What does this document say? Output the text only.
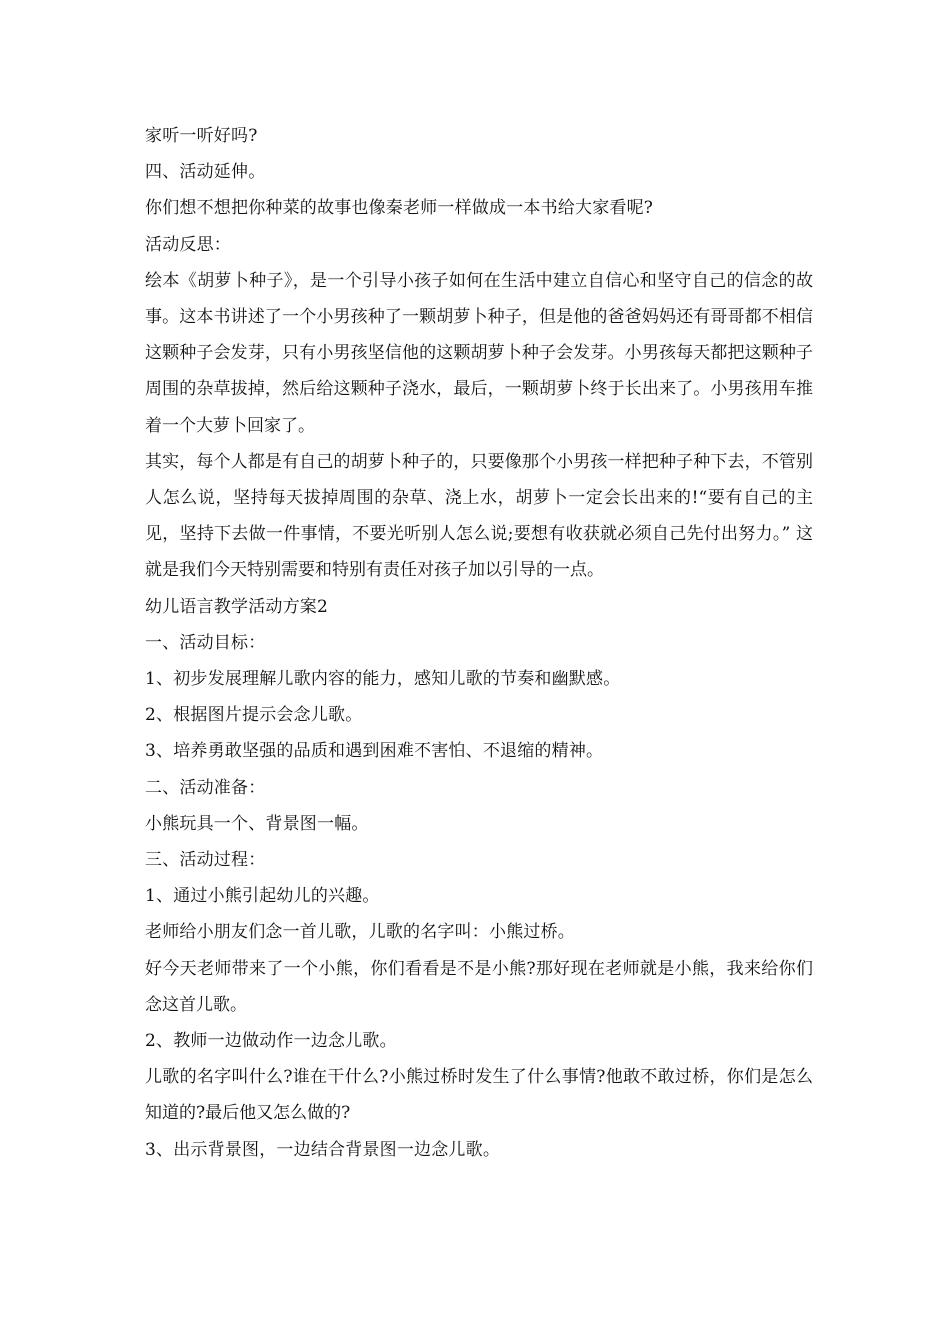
家听一听好吗?
四、活动延伸。
你们想不想把你种菜的故事也像秦老师一样做成一本书给大家看呢?
活动反思：
绘本《胡萝卜种子》，是一个引导小孩子如何在生活中建立自信心和坚守自己的信念的故事。这本书讲述了一个小男孩种了一颗胡萝卜种子，但是他的爸爸妈妈还有哥哥都不相信这颗种子会发芽，只有小男孩坚信他的这颗胡萝卜种子会发芽。小男孩每天都把这颗种子周围的杂草拔掉，然后给这颗种子浇水，最后，一颗胡萝卜终于长出来了。小男孩用车推着一个大萝卜回家了。
其实，每个人都是有自己的胡萝卜种子的，只要像那个小男孩一样把种子种下去，不管别人怎么说，坚持每天拔掉周围的杂草、浇上水，胡萝卜一定会长出来的!“要有自己的主见，坚持下去做一件事情，不要光听别人怎么说;要想有收获就必须自己先付出努力。” 这就是我们今天特别需要和特别有责任对孩子加以引导的一点。
幼儿语言教学活动方案2
一、活动目标：
1、初步发展理解儿歌内容的能力，感知儿歌的节奏和幽默感。
2、根据图片提示会念儿歌。
3、培养勇敢坚强的品质和遇到困难不害怕、不退缩的精神。
二、活动准备：
小熊玩具一个、背景图一幅。
三、活动过程：
1、通过小熊引起幼儿的兴趣。
老师给小朋友们念一首儿歌，儿歌的名字叫：小熊过桥。
好今天老师带来了一个小熊，你们看看是不是小熊?那好现在老师就是小熊，我来给你们念这首儿歌。
2、教师一边做动作一边念儿歌。
儿歌的名字叫什么?谁在干什么?小熊过桥时发生了什么事情?他敢不敢过桥，你们是怎么知道的?最后他又怎么做的?
3、出示背景图，一边结合背景图一边念儿歌。
